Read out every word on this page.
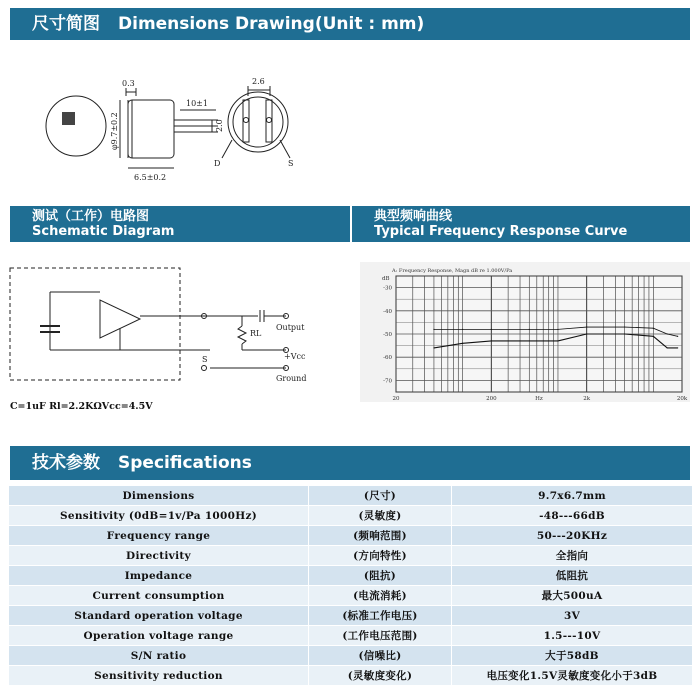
尺寸简图 Dimensions Drawing(Unit : mm)
0.3
10±1
φ9.7±0.2	2.0
6.5±0.2
2.6
D	S
测试（工作）电路图
Schematic Diagram
典型频响曲线
Typical Frequency Response Curve
RL
Output
+Vcc
Ground
S
C=1uF Rl=2.2KΩVcc=4.5V
A: Frequency Response, Magn dB re 1.000V/Pa
dB
-30
-40
-50
-60
-70
20	200	Hz	2k	20k
技术参数 Specifications
Dimensions	(尺寸)	9.7x6.7mm
Sensitivity (0dB=1v/Pa 1000Hz)	(灵敏度)	-48---66dB
Frequency range	(频响范围)	50---20KHz
Directivity	(方向特性)	全指向
Impedance	(阻抗)	低阻抗
Current consumption	(电流消耗)	最大500uA
Standard operation voltage	(标准工作电压)	3V
Operation voltage range	(工作电压范围)	1.5---10V
S/N ratio	(信噪比)	大于58dB
Sensitivity reduction	(灵敏度变化)	电压变化1.5V灵敏度变化小于3dB
